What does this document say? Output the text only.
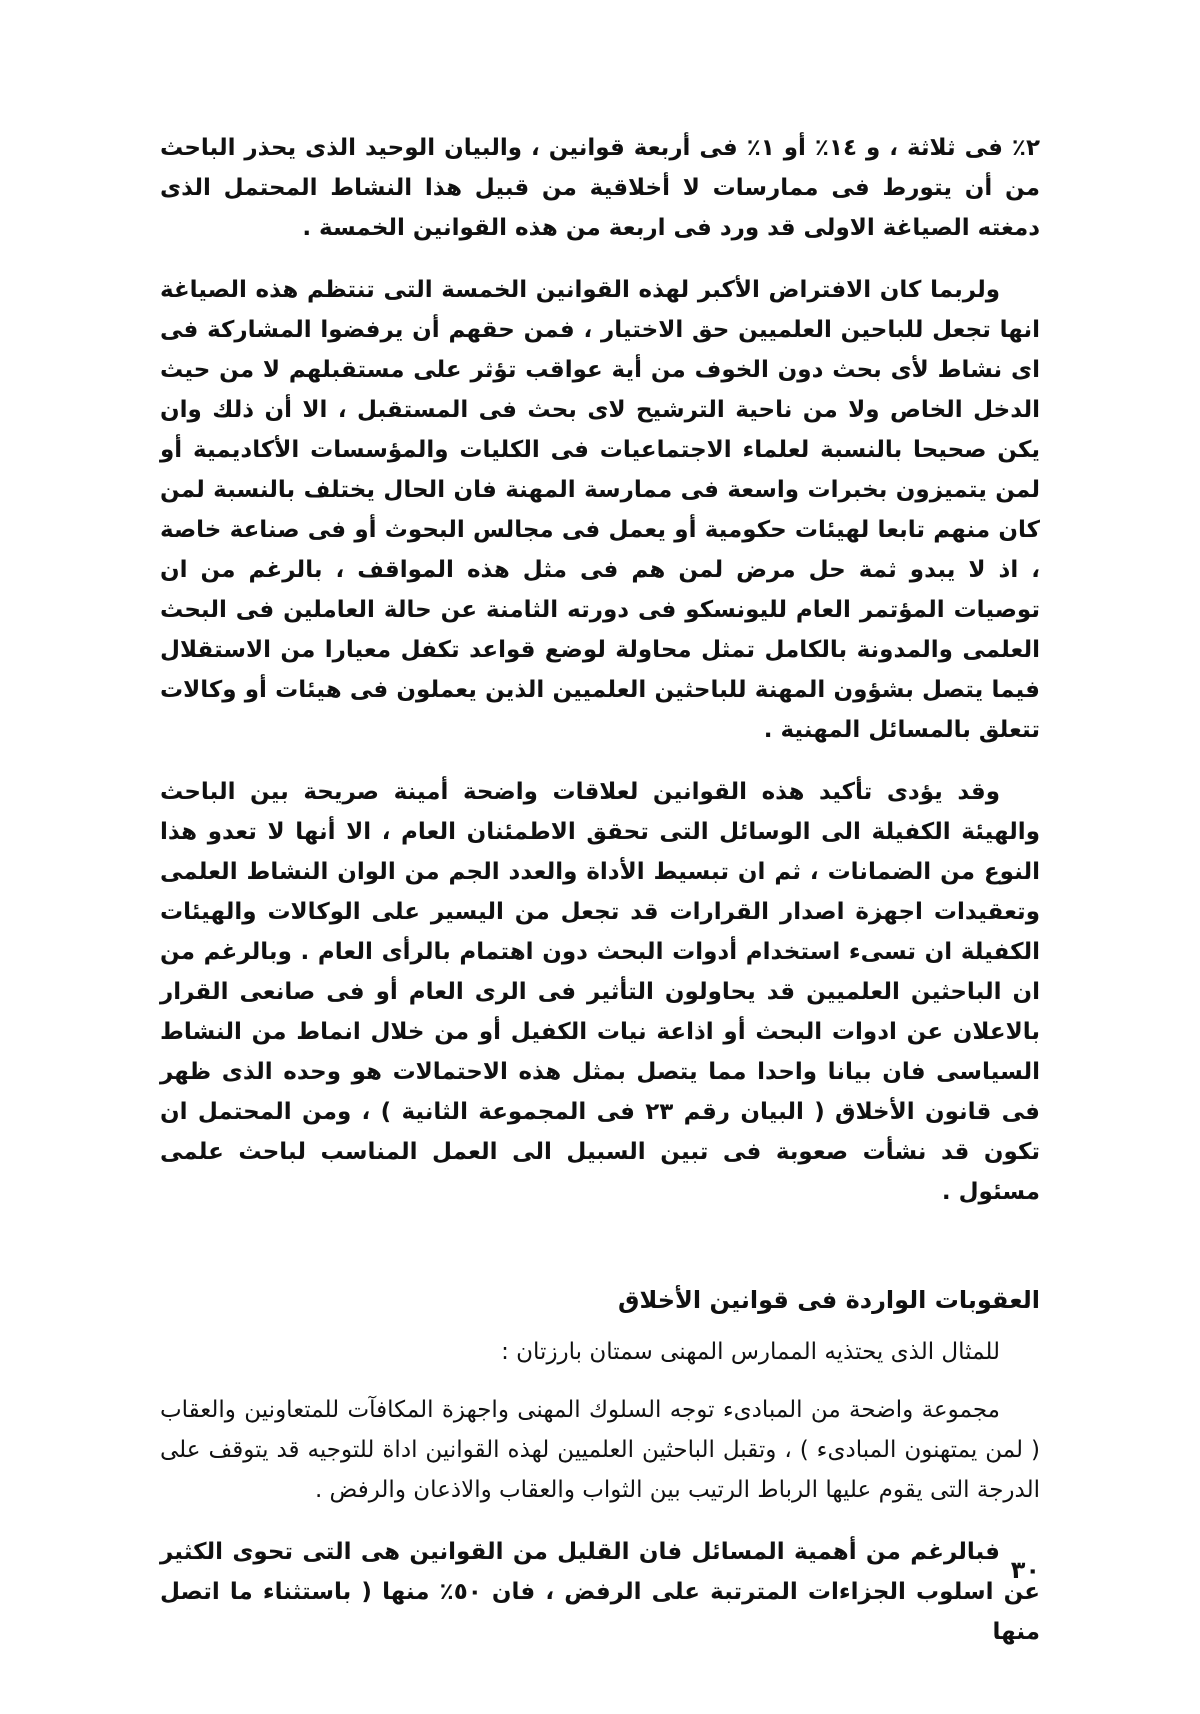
٢٪ فى ثلاثة ، و ١٤٪ أو ١٪ فى أربعة قوانين ، والبيان الوحيد الذى يحذر الباحث من أن يتورط فى ممارسات لا أخلاقية من قبيل هذا النشاط المحتمل الذى دمغته الصياغة الاولى قد ورد فى اربعة من هذه القوانين الخمسة .

ولربما كان الافتراض الأكبر لهذه القوانين الخمسة التى تنتظم هذه الصياغة انها تجعل للباحين العلميين حق الاختيار ، فمن حقهم أن يرفضوا المشاركة فى اى نشاط لأى بحث دون الخوف من أية عواقب تؤثر على مستقبلهم لا من حيث الدخل الخاص ولا من ناحية الترشيح لاى بحث فى المستقبل ، الا أن ذلك وان يكن صحيحا بالنسبة لعلماء الاجتماعيات فى الكليات والمؤسسات الأكاديمية أو لمن يتميزون بخبرات واسعة فى ممارسة المهنة فان الحال يختلف بالنسبة لمن كان منهم تابعا لهيئات حكومية أو يعمل فى مجالس البحوث أو فى صناعة خاصة ، اذ لا يبدو ثمة حل مرض لمن هم فى مثل هذه المواقف ، بالرغم من ان توصيات المؤتمر العام لليونسكو فى دورته الثامنة عن حالة العاملين فى البحث العلمى والمدونة بالكامل تمثل محاولة لوضع قواعد تكفل معيارا من الاستقلال فيما يتصل بشؤون المهنة للباحثين العلميين الذين يعملون فى هيئات أو وكالات تتعلق بالمسائل المهنية .

وقد يؤدى تأكيد هذه القوانين لعلاقات واضحة أمينة صريحة بين الباحث والهيئة الكفيلة الى الوسائل التى تحقق الاطمئنان العام ، الا أنها لا تعدو هذا النوع من الضمانات ، ثم ان تبسيط الأداة والعدد الجم من الوان النشاط العلمى وتعقيدات اجهزة اصدار القرارات قد تجعل من اليسير على الوكالات والهيئات الكفيلة ان تسىء استخدام أدوات البحث دون اهتمام بالرأى العام . وبالرغم من ان الباحثين العلميين قد يحاولون التأثير فى الرى العام أو فى صانعى القرار بالاعلان عن ادوات البحث أو اذاعة نيات الكفيل أو من خلال انماط من النشاط السياسى فان بيانا واحدا مما يتصل بمثل هذه الاحتمالات هو وحده الذى ظهر فى قانون الأخلاق ( البيان رقم ٢٣ فى المجموعة الثانية ) ، ومن المحتمل ان تكون قد نشأت صعوبة فى تبين السبيل الى العمل المناسب لباحث علمى مسئول .

العقوبات الواردة فى قوانين الأخلاق

للمثال الذى يحتذيه الممارس المهنى سمتان بارزتان :

مجموعة واضحة من المبادىء توجه السلوك المهنى واجهزة المكافآت للمتعاونين والعقاب ( لمن يمتهنون المبادىء ) ، وتقبل الباحثين العلميين لهذه القوانين اداة للتوجيه قد يتوقف على الدرجة التى يقوم عليها الرباط الرتيب بين الثواب والعقاب والاذعان والرفض .

فبالرغم من أهمية المسائل فان القليل من القوانين هى التى تحوى الكثير عن اسلوب الجزاءات المترتبة على الرفض ، فان ٥٠٪ منها ( باستثناء ما اتصل منها

٣٠
